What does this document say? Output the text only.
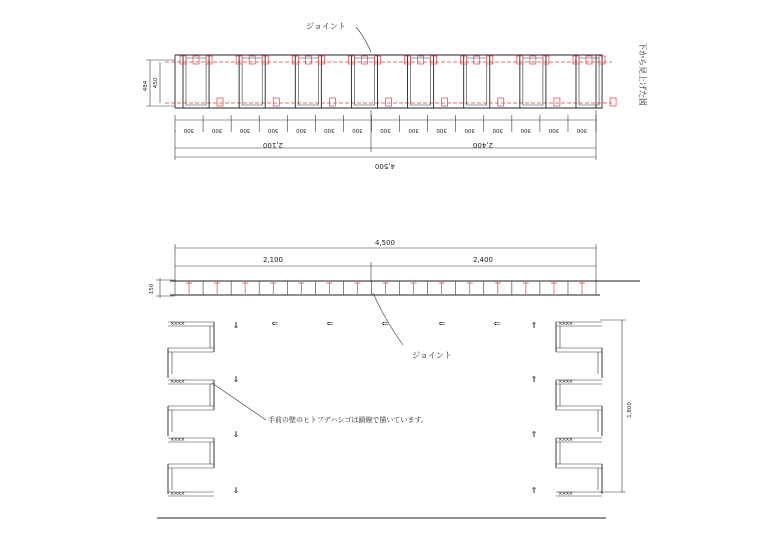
484 450
300	300	300	300	300	300	300	300	300	300	300	300	300	300	300
2,100	2,400
4,500
ジョイント
下から見上げた図
4,500
2,100	2,400
150
×
×
×
×
×
×
×
×
×
×
×
×
×
×
×
×
×
×
×
×
×
×
×
×
×
×
×
×
×
×
×
×
1,800
⇓
⇓
⇓
⇓
⇐	⇐	⇐	⇐	⇐	⇑
⇑
⇑
⇑
ジョイント
手前の壁のヒトフデハシゴは鎖線で描いています。
